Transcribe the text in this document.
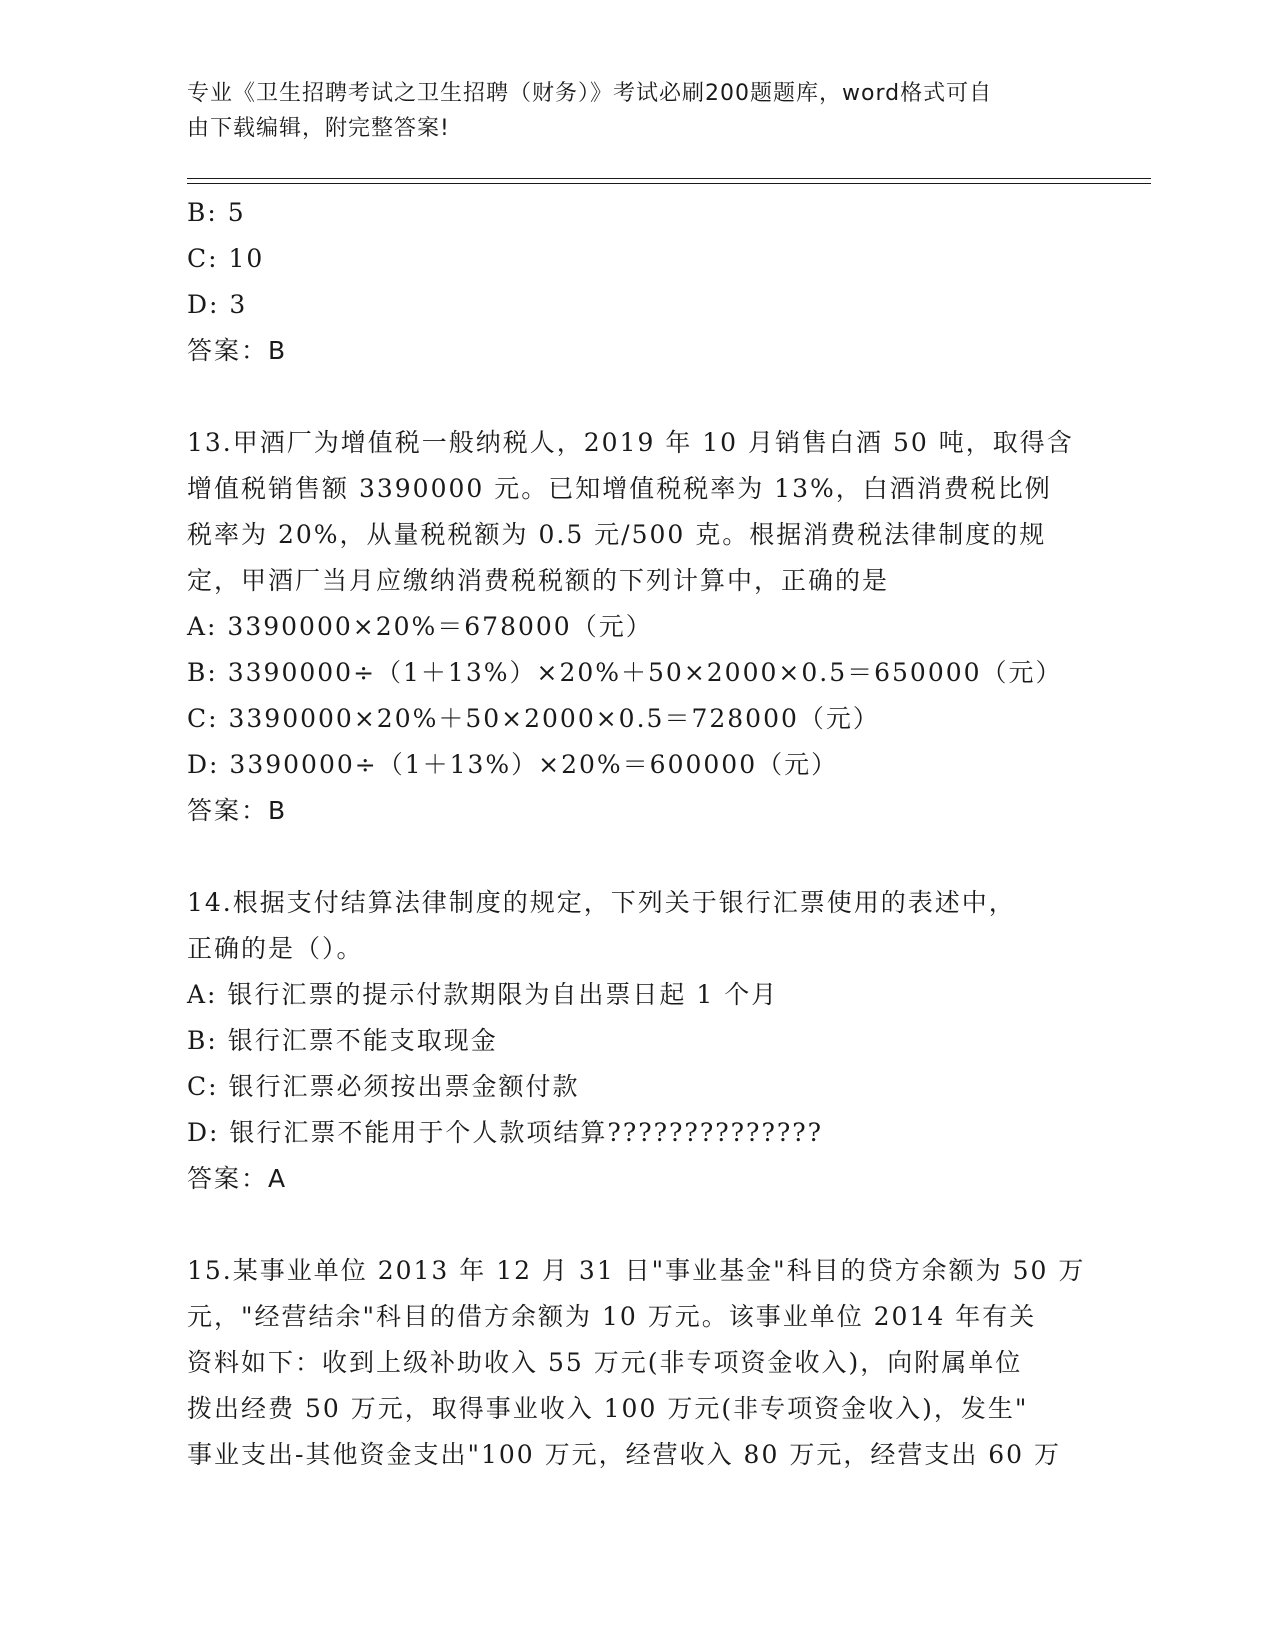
专业《卫生招聘考试之卫生招聘（财务）》考试必刷200题题库，word格式可自
由下载编辑，附完整答案!
B: 5
C: 10
D: 3
答案：B
13.甲酒厂为增值税一般纳税人，2019 年 10 月销售白酒 50 吨，取得含
增值税销售额 3390000 元。已知增值税税率为 13%，白酒消费税比例
税率为 20%，从量税税额为 0.5 元/500 克。根据消费税法律制度的规
定，甲酒厂当月应缴纳消费税税额的下列计算中，正确的是
A: 3390000×20%＝678000（元）
B: 3390000÷（1＋13%）×20%＋50×2000×0.5＝650000（元）
C: 3390000×20%＋50×2000×0.5＝728000（元）
D: 3390000÷（1＋13%）×20%＝600000（元）
答案：B
14.根据支付结算法律制度的规定，下列关于银行汇票使用的表述中，
正确的是（）。
A: 银行汇票的提示付款期限为自出票日起 1 个月
B: 银行汇票不能支取现金
C: 银行汇票必须按出票金额付款
D: 银行汇票不能用于个人款项结算??????????????
答案：A
15.某事业单位 2013 年 12 月 31 日"事业基金"科目的贷方余额为 50 万
元，"经营结余"科目的借方余额为 10 万元。该事业单位 2014 年有关
资料如下：收到上级补助收入 55 万元(非专项资金收入)，向附属单位
拨出经费 50 万元，取得事业收入 100 万元(非专项资金收入)，发生"
事业支出-其他资金支出"100 万元，经营收入 80 万元，经营支出 60 万
